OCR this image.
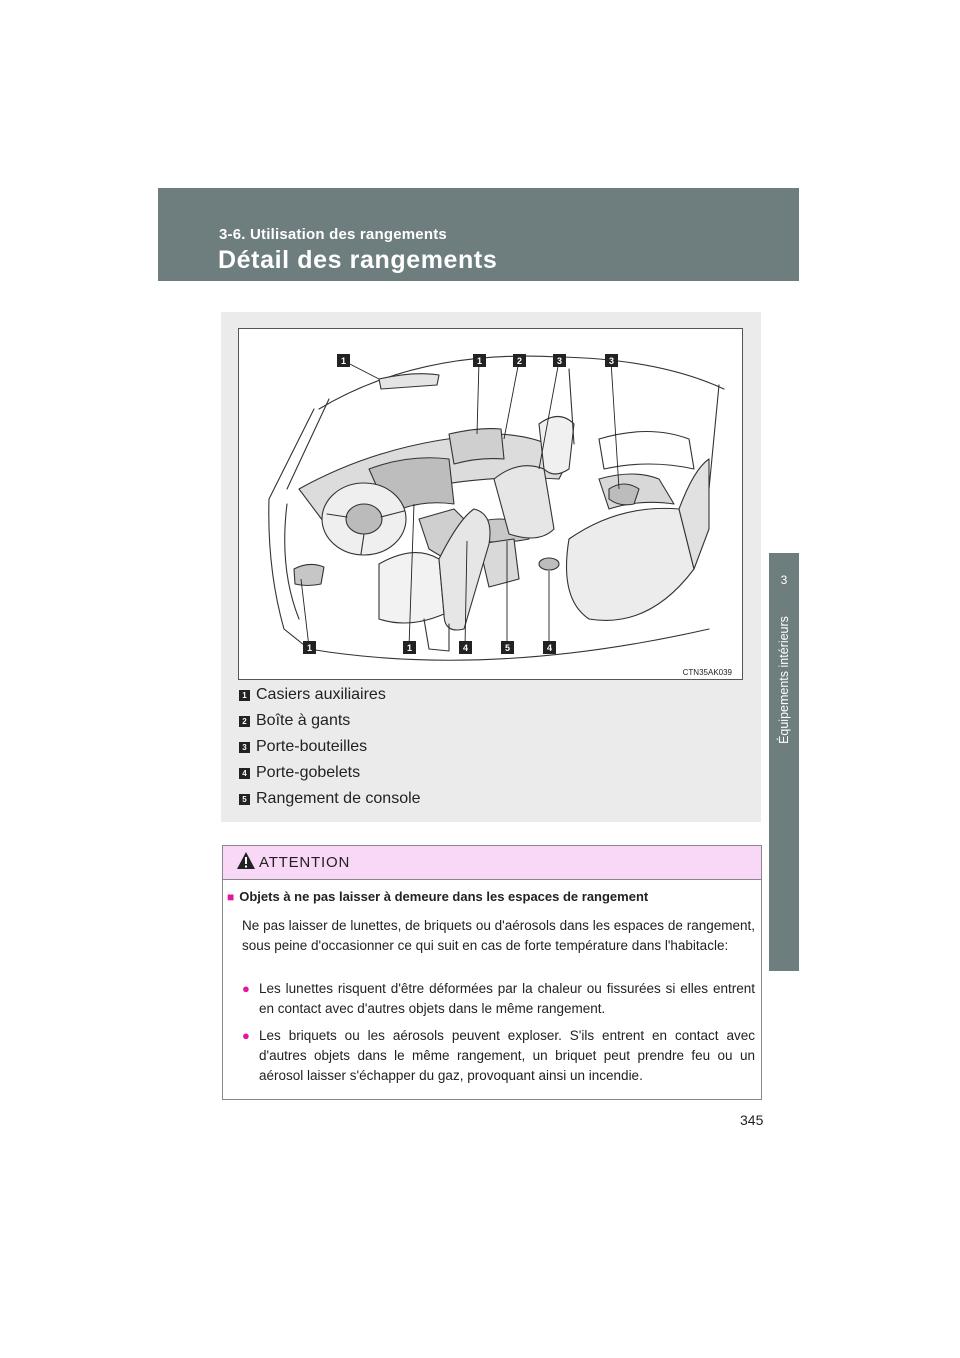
3-6. Utilisation des rangements
Détail des rangements
3
Équipements intérieurs
1	1	2	3	3
1	1	4	5	4
CTN35AK039
1 Casiers auxiliaires
2 Boîte à gants
3 Porte-bouteilles
4 Porte-gobelets
5 Rangement de console
ATTENTION
■ Objets à ne pas laisser à demeure dans les espaces de rangement
Ne pas laisser de lunettes, de briquets ou d'aérosols dans les espaces de rangement, sous peine d'occasionner ce qui suit en cas de forte température dans l'habitacle:
● Les lunettes risquent d'être déformées par la chaleur ou fissurées si elles entrent en contact avec d'autres objets dans le même rangement.
● Les briquets ou les aérosols peuvent exploser. S'ils entrent en contact avec d'autres objets dans le même rangement, un briquet peut prendre feu ou un aérosol laisser s'échapper du gaz, provoquant ainsi un incendie.
345
